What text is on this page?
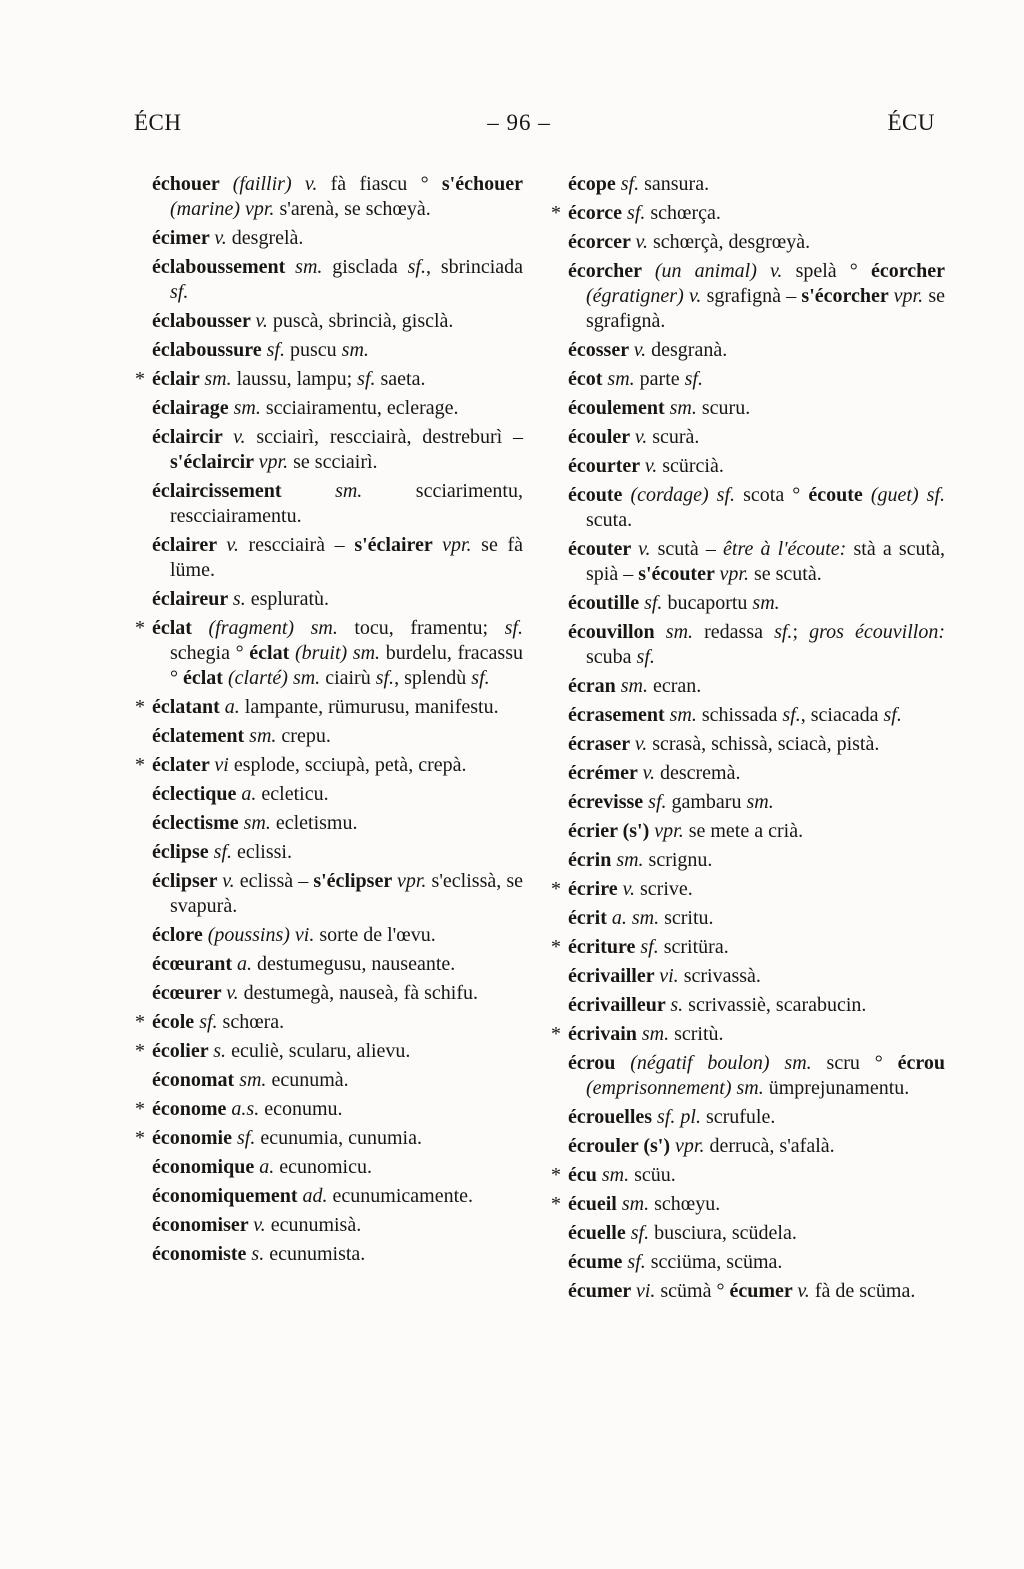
ÉCH	– 96 –	ÉCU

échouer (faillir) v. fà fiascu ° s'échouer (marine) vpr. s'arenà, se schœyà.

écimer v. desgrelà.

éclaboussement sm. gisclada sf., sbrinciada sf.

éclabousser v. puscà, sbrincià, gisclà.

éclaboussure sf. puscu sm.

* éclair sm. laussu, lampu; sf. saeta.

éclairage sm. scciairamentu, eclerage.

éclaircir v. scciairì, rescciairà, destreburì – s'éclaircir vpr. se scciairì.

éclaircissement sm. scciarimentu, rescciairamentu.

éclairer v. rescciairà – s'éclairer vpr. se fà lüme.

éclaireur s. espluratù.

* éclat (fragment) sm. tocu, framentu; sf. schegia ° éclat (bruit) sm. burdelu, fracassu ° éclat (clarté) sm. ciairù sf., splendù sf.

* éclatant a. lampante, rümurusu, manifestu.

éclatement sm. crepu.

* éclater vi esplode, scciupà, petà, crepà.

éclectique a. ecleticu.

éclectisme sm. ecletismu.

éclipse sf. eclissi.

éclipser v. eclissà – s'éclipser vpr. s'eclissà, se svapurà.

éclore (poussins) vi. sorte de l'œvu.

écœurant a. destumegusu, nauseante.

écœurer v. destumegà, nauseà, fà schifu.

* école sf. schœra.

* écolier s. eculiè, scularu, alievu.

économat sm. ecunumà.

* économe a.s. econumu.

* économie sf. ecunumia, cunumia.

économique a. ecunomicu.

économiquement ad. ecunumicamente.

économiser v. ecunumisà.

économiste s. ecunumista.

écope sf. sansura.

* écorce sf. schœrça.

écorcer v. schœrçà, desgrœyà.

écorcher (un animal) v. spelà ° écorcher (égratigner) v. sgrafignà – s'écorcher vpr. se sgrafignà.

écosser v. desgranà.

écot sm. parte sf.

écoulement sm. scuru.

écouler v. scurà.

écourter v. scürcià.

écoute (cordage) sf. scota ° écoute (guet) sf. scuta.

écouter v. scutà – être à l'écoute: stà a scutà, spià – s'écouter vpr. se scutà.

écoutille sf. bucaportu sm.

écouvillon sm. redassa sf.; gros écouvillon: scuba sf.

écran sm. ecran.

écrasement sm. schissada sf., sciacada sf.

écraser v. scrasà, schissà, sciacà, pistà.

écrémer v. descremà.

écrevisse sf. gambaru sm.

écrier (s') vpr. se mete a crià.

écrin sm. scrignu.

* écrire v. scrive.

écrit a. sm. scritu.

* écriture sf. scritüra.

écrivailler vi. scrivassà.

écrivailleur s. scrivassiè, scarabucin.

* écrivain sm. scritù.

écrou (négatif boulon) sm. scru ° écrou (emprisonnement) sm. ümprejunamentu.

écrouelles sf. pl. scrufule.

écrouler (s') vpr. derrucà, s'afalà.

* écu sm. scüu.

* écueil sm. schœyu.

écuelle sf. busciura, scüdela.

écume sf. scciüma, scüma.

écumer vi. scümà ° écumer v. fà de scüma.
